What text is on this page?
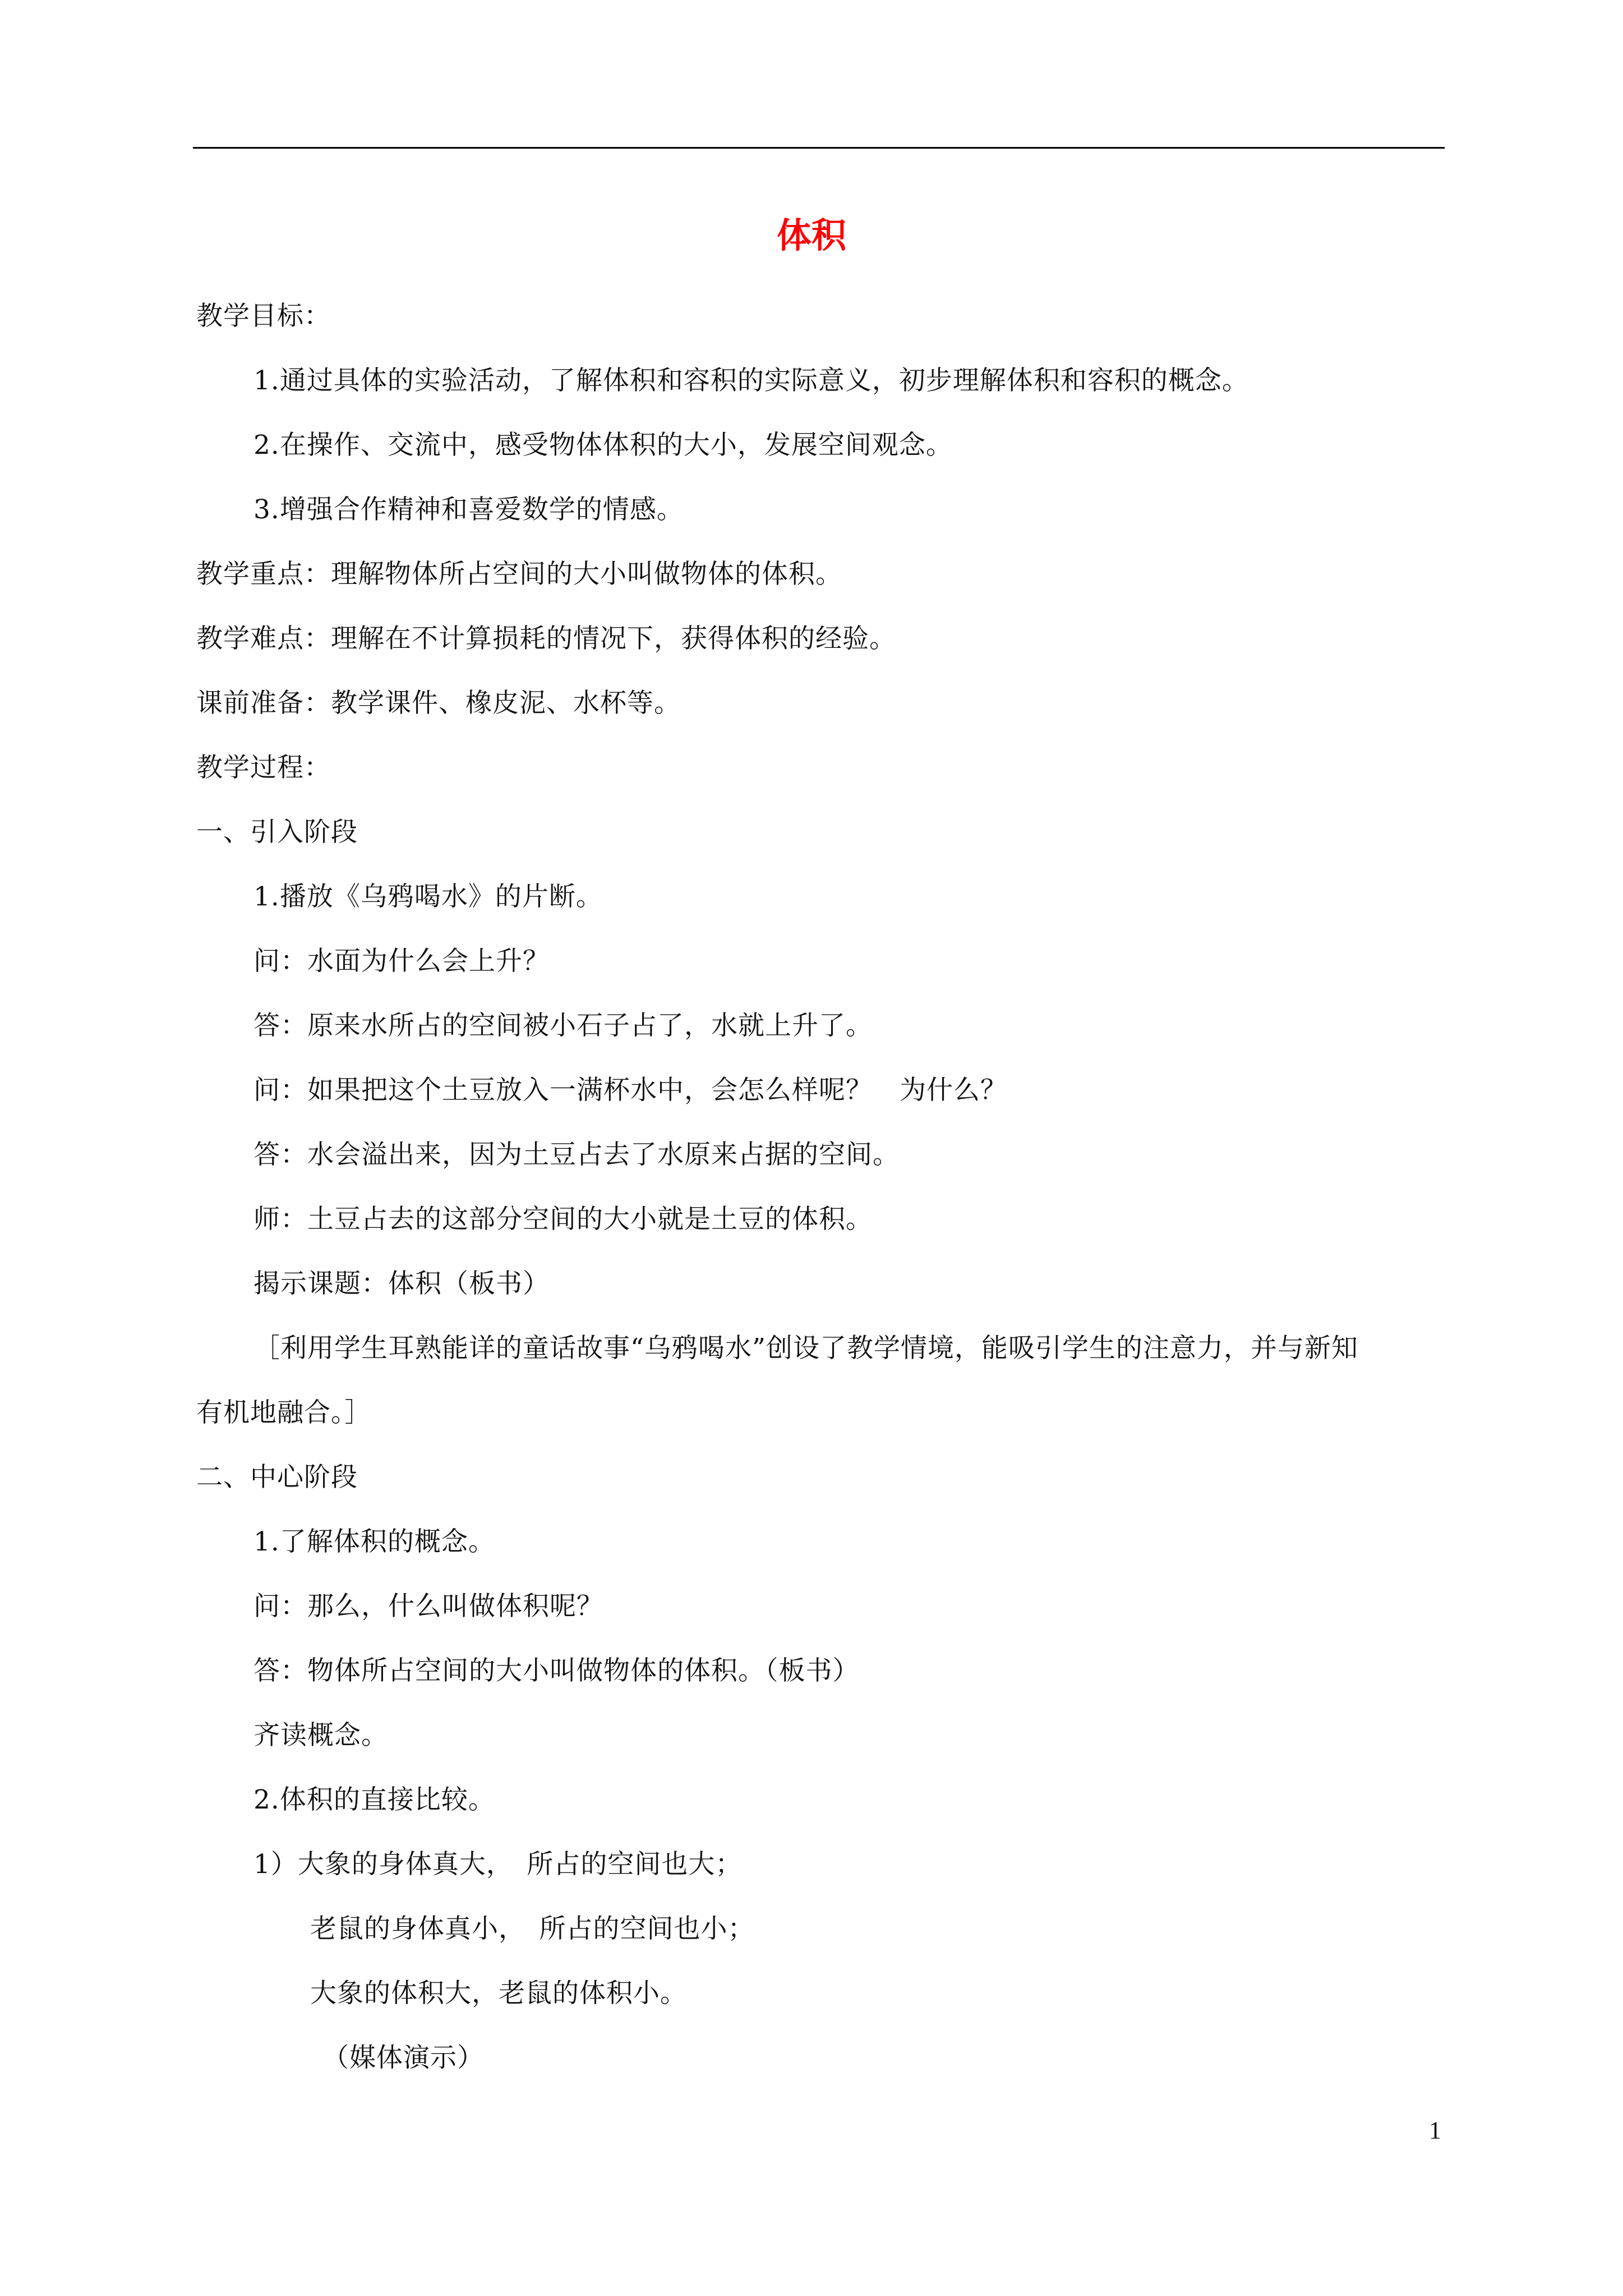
体积
教学目标：
1.通过具体的实验活动，了解体积和容积的实际意义，初步理解体积和容积的概念。
2.在操作、交流中，感受物体体积的大小，发展空间观念。
3.增强合作精神和喜爱数学的情感。
教学重点：理解物体所占空间的大小叫做物体的体积。
教学难点：理解在不计算损耗的情况下，获得体积的经验。
课前准备：教学课件、橡皮泥、水杯等。
教学过程：
一、引入阶段
1.播放《乌鸦喝水》的片断。
问：水面为什么会上升？
答：原来水所占的空间被小石子占了，水就上升了。
问：如果把这个土豆放入一满杯水中，会怎么样呢？　为什么？
答：水会溢出来，因为土豆占去了水原来占据的空间。
师：土豆占去的这部分空间的大小就是土豆的体积。
揭示课题：体积（板书）
［利用学生耳熟能详的童话故事“乌鸦喝水”创设了教学情境，能吸引学生的注意力，并与新知
有机地融合。］
二、中心阶段
1.了解体积的概念。
问：那么，什么叫做体积呢？
答：物体所占空间的大小叫做物体的体积。（板书）
齐读概念。
2.体积的直接比较。
1）大象的身体真大，　所占的空间也大；
老鼠的身体真小，　所占的空间也小；
大象的体积大，老鼠的体积小。
（媒体演示）
1
